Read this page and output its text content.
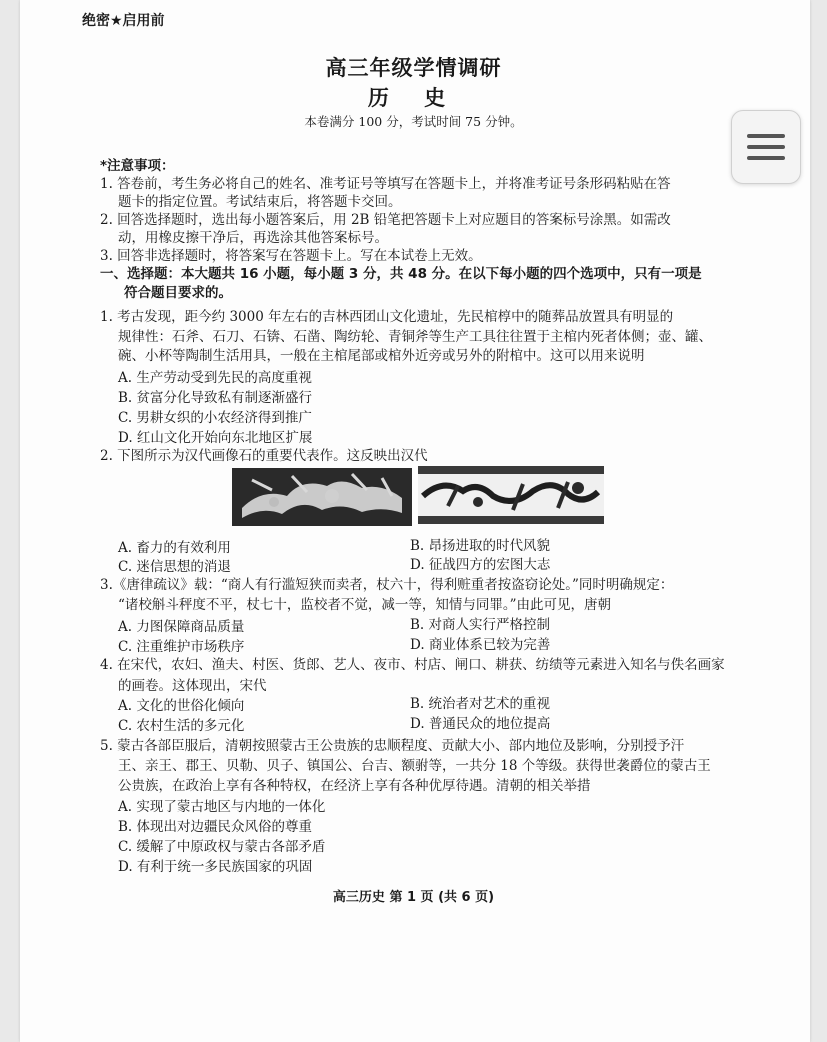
绝密★启用前
高三年级学情调研
历 史
本卷满分 100 分，考试时间 75 分钟。
*注意事项：
1. 答卷前，考生务必将自己的姓名、准考证号等填写在答题卡上，并将准考证号条形码粘贴在答
题卡的指定位置。考试结束后，将答题卡交回。
2. 回答选择题时，选出每小题答案后，用 2B 铅笔把答题卡上对应题目的答案标号涂黑。如需改
动，用橡皮擦干净后，再选涂其他答案标号。
3. 回答非选择题时，将答案写在答题卡上。写在本试卷上无效。
一、选择题：本大题共 16 小题，每小题 3 分，共 48 分。在以下每小题的四个选项中，只有一项是
符合题目要求的。
1. 考古发现，距今约 3000 年左右的吉林西团山文化遗址，先民棺椁中的随葬品放置具有明显的
规律性：石斧、石刀、石锛、石凿、陶纺轮、青铜斧等生产工具往往置于主棺内死者体侧；壶、罐、
碗、小杯等陶制生活用具，一般在主棺尾部或棺外近旁或另外的附棺中。这可以用来说明
A. 生产劳动受到先民的高度重视
B. 贫富分化导致私有制逐渐盛行
C. 男耕女织的小农经济得到推广
D. 红山文化开始向东北地区扩展
2. 下图所示为汉代画像石的重要代表作。这反映出汉代
A. 畜力的有效利用	B. 昂扬进取的时代风貌
C. 迷信思想的消退	D. 征战四方的宏图大志
3.《唐律疏议》载：“商人有行滥短狭而卖者，杖六十，得利赃重者按盗窃论处。”同时明确规定：
“诸校斛斗秤度不平，杖七十，监校者不觉，减一等，知情与同罪。”由此可见，唐朝
A. 力图保障商品质量	B. 对商人实行严格控制
C. 注重维护市场秩序	D. 商业体系已较为完善
4. 在宋代，农妇、渔夫、村医、货郎、艺人、夜市、村店、闸口、耕获、纺绩等元素进入知名与佚名画家
的画卷。这体现出，宋代
A. 文化的世俗化倾向	B. 统治者对艺术的重视
C. 农村生活的多元化	D. 普通民众的地位提高
5. 蒙古各部臣服后，清朝按照蒙古王公贵族的忠顺程度、贡献大小、部内地位及影响，分别授予汗
王、亲王、郡王、贝勒、贝子、镇国公、台吉、额驸等，一共分 18 个等级。获得世袭爵位的蒙古王
公贵族，在政治上享有各种特权，在经济上享有各种优厚待遇。清朝的相关举措
A. 实现了蒙古地区与内地的一体化
B. 体现出对边疆民众风俗的尊重
C. 缓解了中原政权与蒙古各部矛盾
D. 有利于统一多民族国家的巩固
高三历史 第 1 页 (共 6 页)
